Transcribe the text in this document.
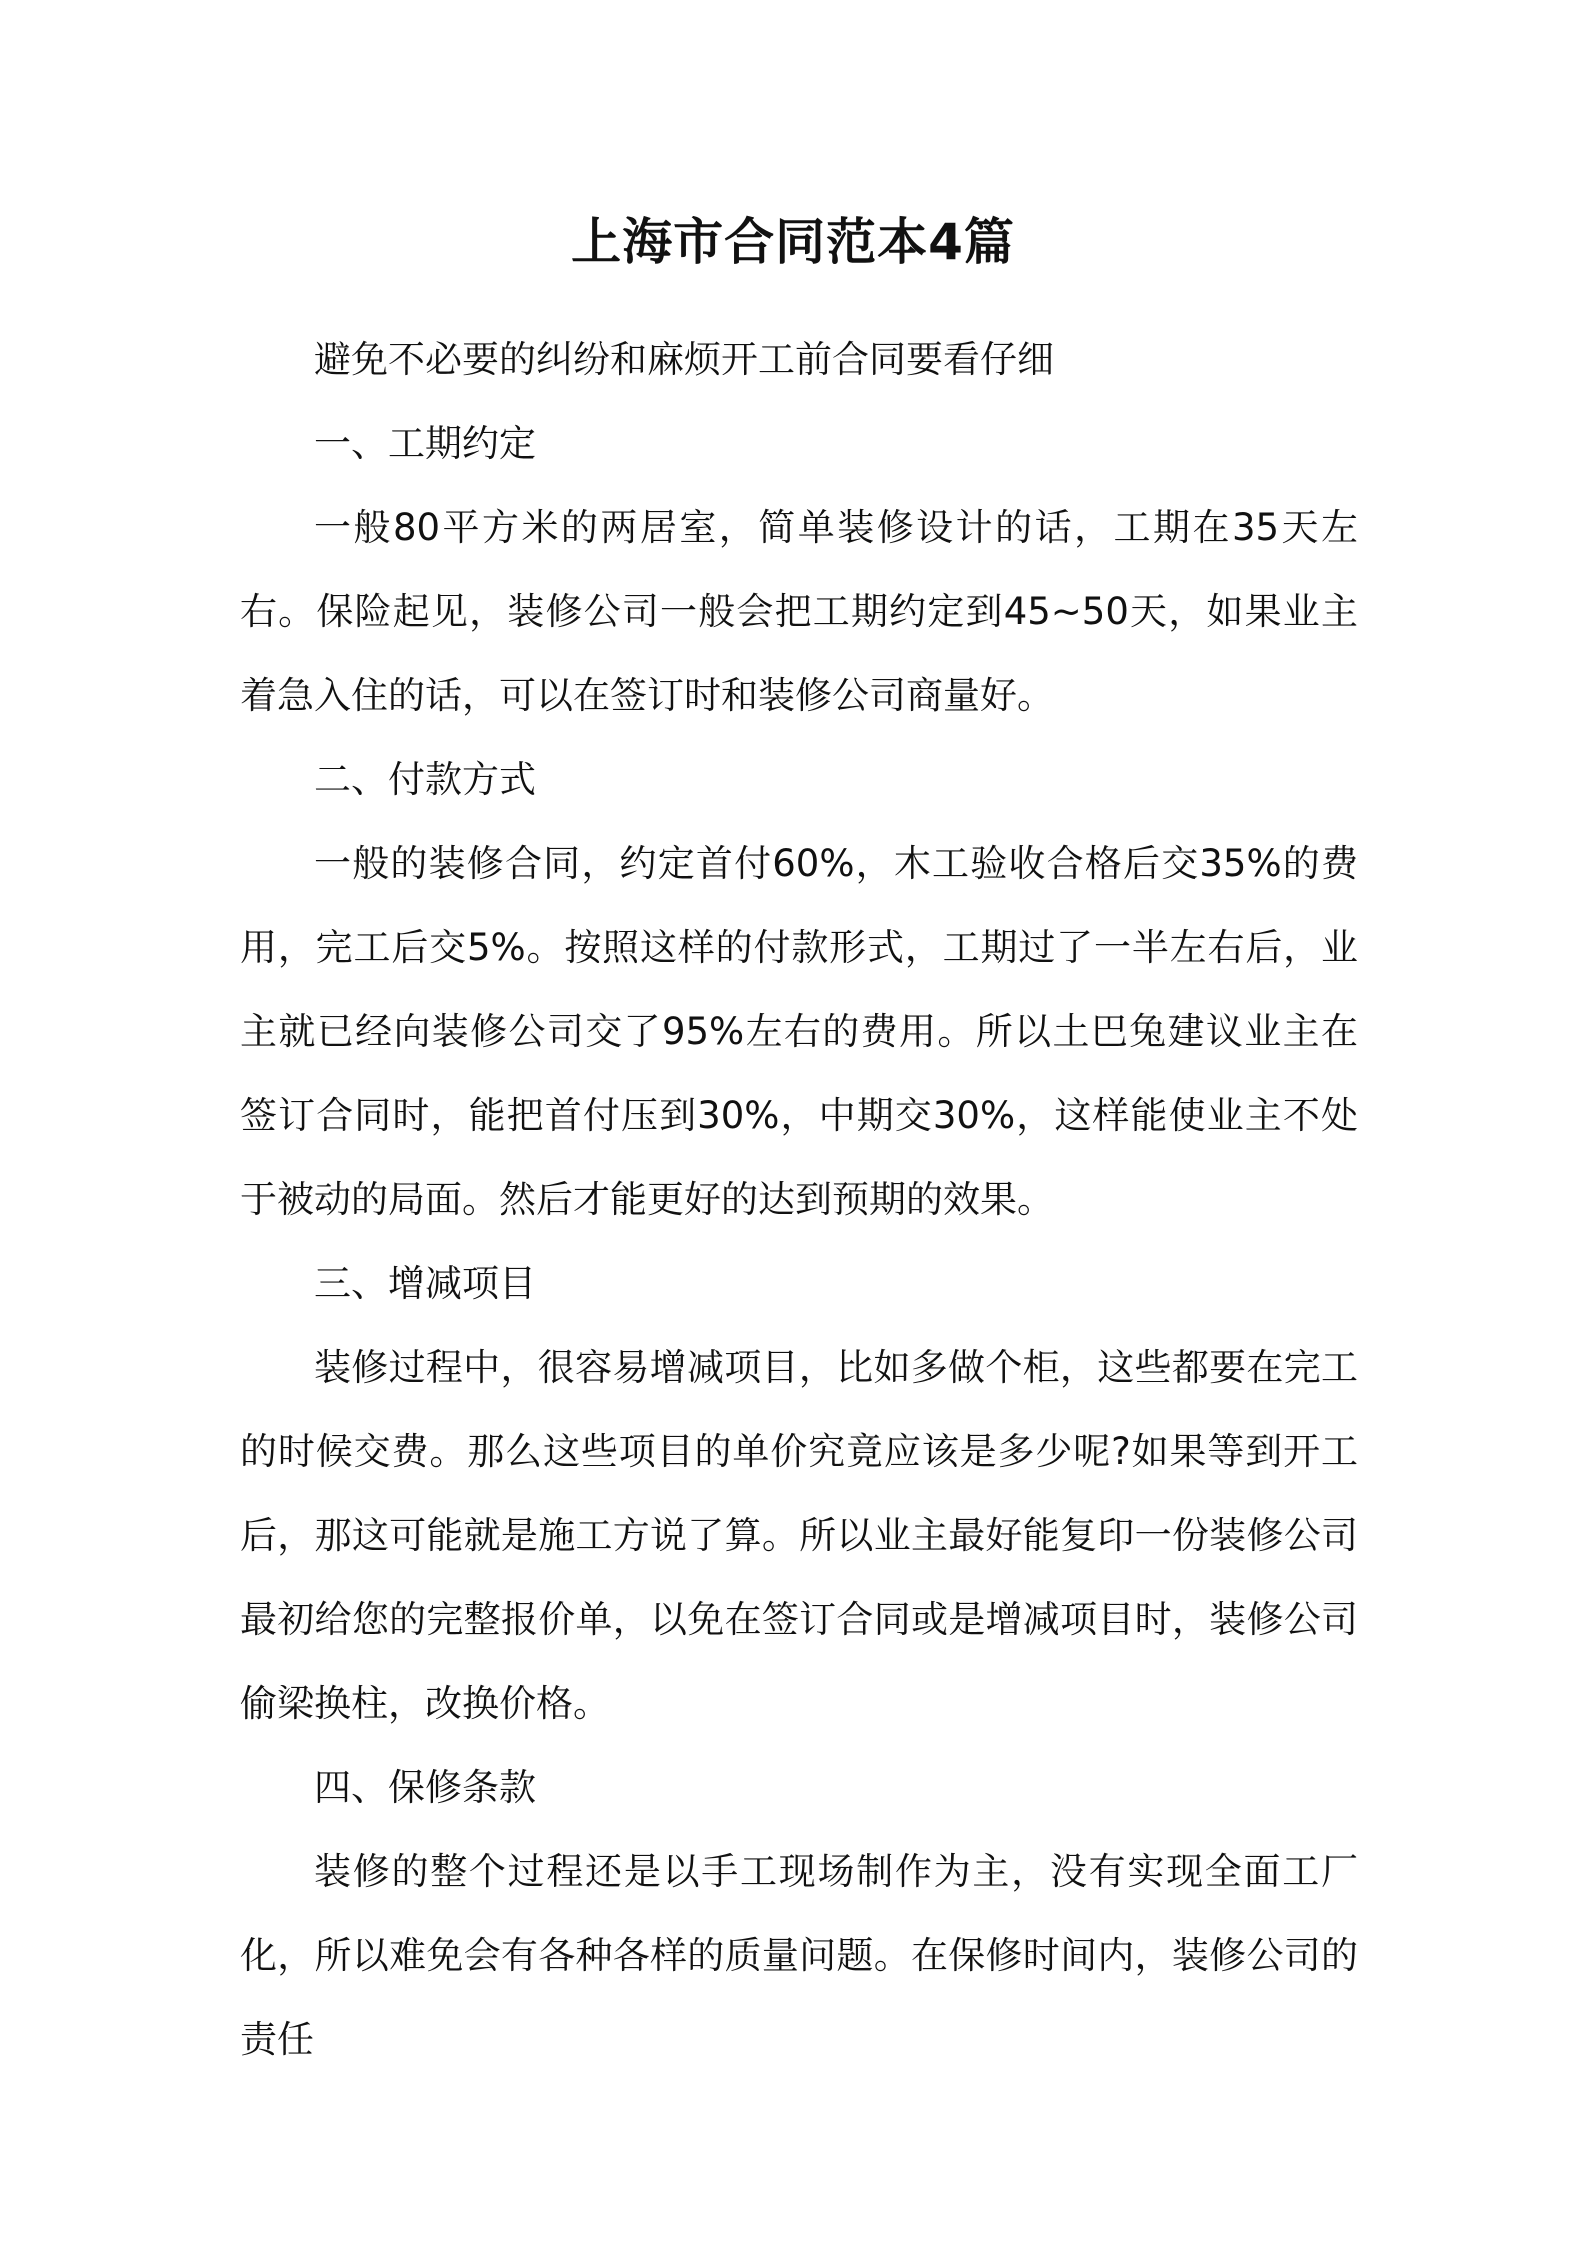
上海市合同范本4篇

避免不必要的纠纷和麻烦开工前合同要看仔细

一、工期约定

一般80平方米的两居室，简单装修设计的话，工期在35天左右。保险起见，装修公司一般会把工期约定到45~50天，如果业主着急入住的话，可以在签订时和装修公司商量好。

二、付款方式

一般的装修合同，约定首付60%，木工验收合格后交35%的费用，完工后交5%。按照这样的付款形式，工期过了一半左右后，业主就已经向装修公司交了95%左右的费用。所以土巴兔建议业主在签订合同时，能把首付压到30%，中期交30%，这样能使业主不处于被动的局面。然后才能更好的达到预期的效果。

三、增减项目

装修过程中，很容易增减项目，比如多做个柜，这些都要在完工的时候交费。那么这些项目的单价究竟应该是多少呢?如果等到开工后，那这可能就是施工方说了算。所以业主最好能复印一份装修公司最初给您的完整报价单，以免在签订合同或是增减项目时，装修公司偷梁换柱，改换价格。

四、保修条款

装修的整个过程还是以手工现场制作为主，没有实现全面工厂化，所以难免会有各种各样的质量问题。在保修时间内，装修公司的责任
